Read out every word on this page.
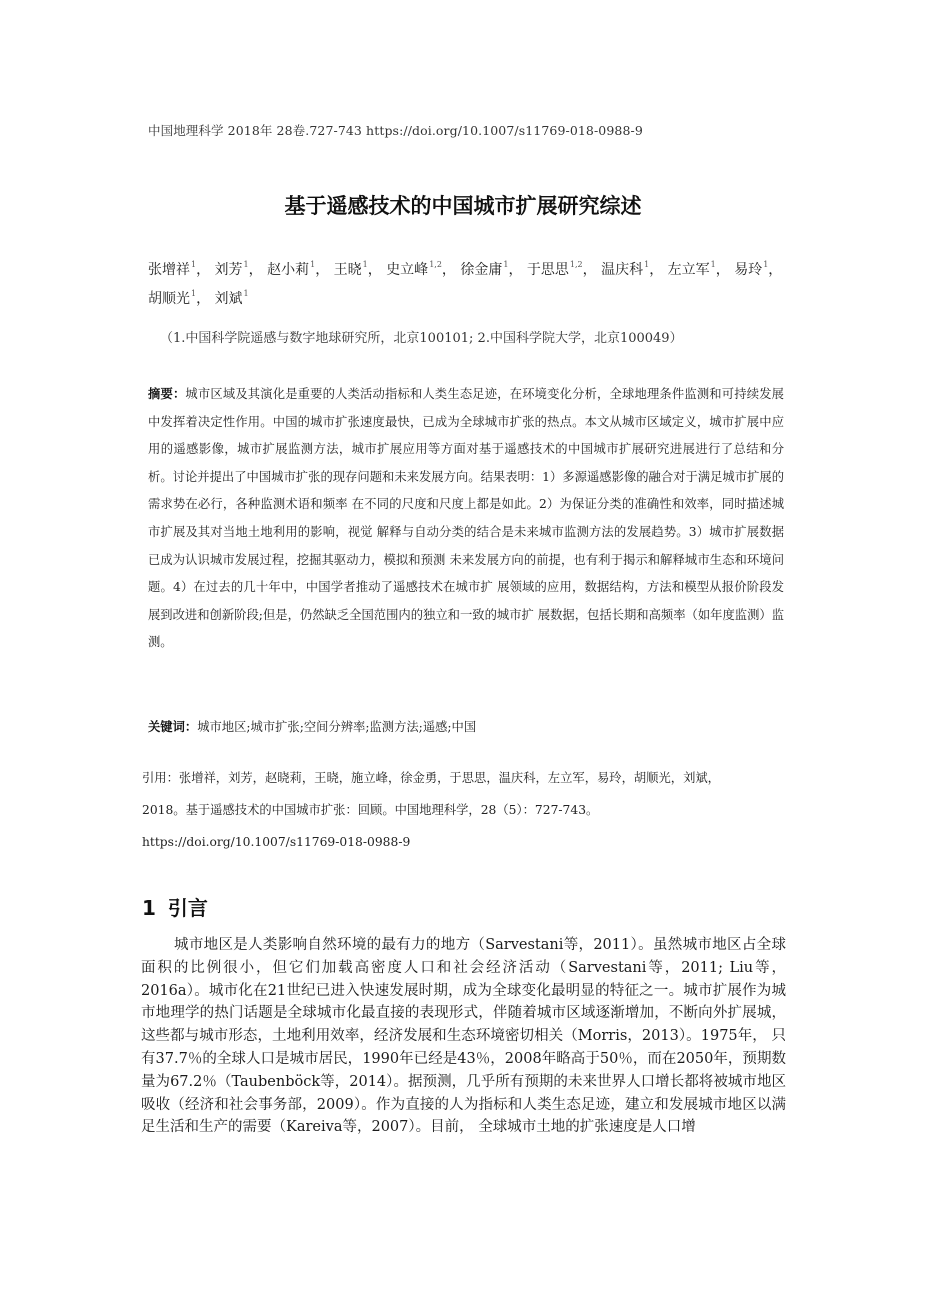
中国地理科学 2018年 28卷.727-743 https://doi.org/10.1007/s11769-018-0988-9
基于遥感技术的中国城市扩展研究综述
张增祥$^1$， 刘芳$^1$， 赵小莉$^1$， 王晓$^1$， 史立峰$^{1,2}$， 徐金庸$^1$， 于思思$^{1,2}$， 温庆科$^1$， 左立军$^1$， 易玲$^1$， 胡顺光$^1$， 刘斌$^1$
（1.中国科学院遥感与数字地球研究所，北京100101; 2.中国科学院大学，北京100049）
摘要：城市区域及其演化是重要的人类活动指标和人类生态足迹，在环境变化分析，全球地理条件监测和可持续发展中发挥着决定性作用。中国的城市扩张速度最快，已成为全球城市扩张的热点。本文从城市区域定义，城市扩展中应用的遥感影像，城市扩展监测方法，城市扩展应用等方面对基于遥感技术的中国城市扩展研究进展进行了总结和分析。讨论并提出了中国城市扩张的现存问题和未来发展方向。结果表明：1）多源遥感影像的融合对于满足城市扩展的需求势在必行，各种监测术语和频率 在不同的尺度和尺度上都是如此。2）为保证分类的准确性和效率，同时描述城市扩展及其对当地土地利用的影响，视觉 解释与自动分类的结合是未来城市监测方法的发展趋势。3）城市扩展数据已成为认识城市发展过程，挖掘其驱动力，模拟和预测 未来发展方向的前提，也有利于揭示和解释城市生态和环境问题。4）在过去的几十年中，中国学者推动了遥感技术在城市扩 展领域的应用，数据结构，方法和模型从报价阶段发展到改进和创新阶段;但是，仍然缺乏全国范围内的独立和一致的城市扩 展数据，包括长期和高频率（如年度监测）监测。
关键词：城市地区;城市扩张;空间分辨率;监测方法;遥感;中国
引用：张增祥，刘芳，赵晓莉，王晓，施立峰，徐金勇，于思思，温庆科，左立军，易玲，胡顺光，刘斌，
2018。基于遥感技术的中国城市扩张：回顾。中国地理科学，28（5）：727-743。
https://doi.org/10.1007/s11769-018-0988-9
1 引言

城市地区是人类影响自然环境的最有力的地方（Sarvestani等，2011）。虽然城市地区占全球面积的比例很小，但它们加载高密度人口和社会经济活动（Sarvestani等，2011; Liu等，2016a）。城市化在21世纪已进入快速发展时期，成为全球变化最明显的特征之一。城市扩展作为城市地理学的热门话题是全球城市化最直接的表现形式，伴随着城市区域逐渐增加，不断向外扩展城，这些都与城市形态，土地利用效率，经济发展和生态环境密切相关（Morris，2013）。1975年， 只有37.7％的全球人口是城市居民，1990年已经是43％，2008年略高于50％，而在2050年，预期数量为67.2％（Taubenböck等，2014）。据预测，几乎所有预期的未来世界人口增长都将被城市地区吸收（经济和社会事务部，2009）。作为直接的人为指标和人类生态足迹，建立和发展城市地区以满足生活和生产的需要（Kareiva等，2007）。目前， 全球城市土地的扩张速度是人口增
